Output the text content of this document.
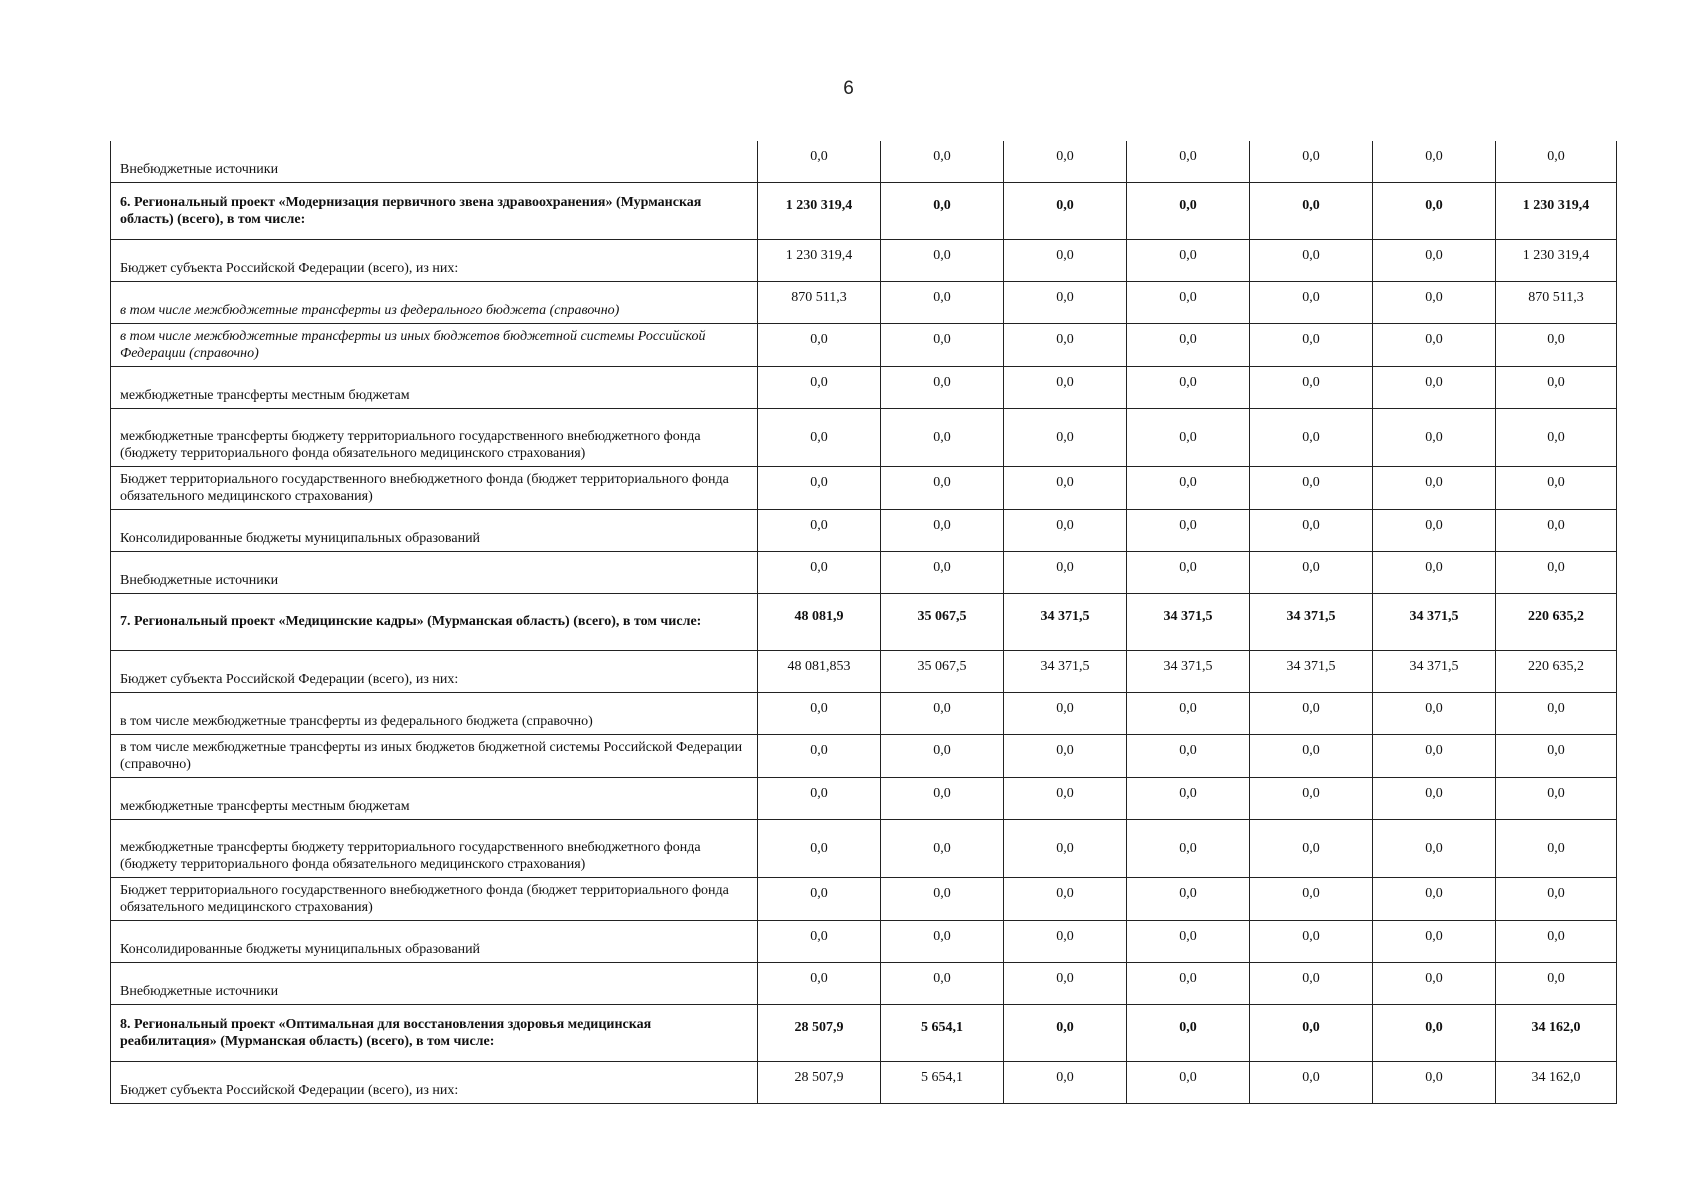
6
Внебюджетные источники	0,0	0,0	0,0	0,0	0,0	0,0	0,0
6. Региональный проект «Модернизация первичного звена здравоохранения» (Мурманская область) (всего), в том числе:	1 230 319,4	0,0	0,0	0,0	0,0	0,0	1 230 319,4
Бюджет субъекта Российской Федерации (всего), из них:	1 230 319,4	0,0	0,0	0,0	0,0	0,0	1 230 319,4
в том числе межбюджетные трансферты из федерального бюджета (справочно)	870 511,3	0,0	0,0	0,0	0,0	0,0	870 511,3
в том числе межбюджетные трансферты из иных бюджетов бюджетной системы Российской Федерации (справочно)	0,0	0,0	0,0	0,0	0,0	0,0	0,0
межбюджетные трансферты местным бюджетам	0,0	0,0	0,0	0,0	0,0	0,0	0,0
межбюджетные трансферты бюджету территориального государственного внебюджетного фонда (бюджету территориального фонда обязательного медицинского страхования)	0,0	0,0	0,0	0,0	0,0	0,0	0,0
Бюджет территориального государственного внебюджетного фонда (бюджет территориального фонда обязательного медицинского страхования)	0,0	0,0	0,0	0,0	0,0	0,0	0,0
Консолидированные бюджеты муниципальных образований	0,0	0,0	0,0	0,0	0,0	0,0	0,0
Внебюджетные источники	0,0	0,0	0,0	0,0	0,0	0,0	0,0
7. Региональный проект «Медицинские кадры» (Мурманская область) (всего), в том числе:	48 081,9	35 067,5	34 371,5	34 371,5	34 371,5	34 371,5	220 635,2
Бюджет субъекта Российской Федерации (всего), из них:	48 081,853	35 067,5	34 371,5	34 371,5	34 371,5	34 371,5	220 635,2
в том числе межбюджетные трансферты из федерального бюджета (справочно)	0,0	0,0	0,0	0,0	0,0	0,0	0,0
в том числе межбюджетные трансферты из иных бюджетов бюджетной системы Российской Федерации (справочно)	0,0	0,0	0,0	0,0	0,0	0,0	0,0
межбюджетные трансферты местным бюджетам	0,0	0,0	0,0	0,0	0,0	0,0	0,0
межбюджетные трансферты бюджету территориального государственного внебюджетного фонда (бюджету территориального фонда обязательного медицинского страхования)	0,0	0,0	0,0	0,0	0,0	0,0	0,0
Бюджет территориального государственного внебюджетного фонда (бюджет территориального фонда обязательного медицинского страхования)	0,0	0,0	0,0	0,0	0,0	0,0	0,0
Консолидированные бюджеты муниципальных образований	0,0	0,0	0,0	0,0	0,0	0,0	0,0
Внебюджетные источники	0,0	0,0	0,0	0,0	0,0	0,0	0,0
8. Региональный проект «Оптимальная для восстановления здоровья медицинская реабилитация» (Мурманская область) (всего), в том числе:	28 507,9	5 654,1	0,0	0,0	0,0	0,0	34 162,0
Бюджет субъекта Российской Федерации (всего), из них:	28 507,9	5 654,1	0,0	0,0	0,0	0,0	34 162,0
